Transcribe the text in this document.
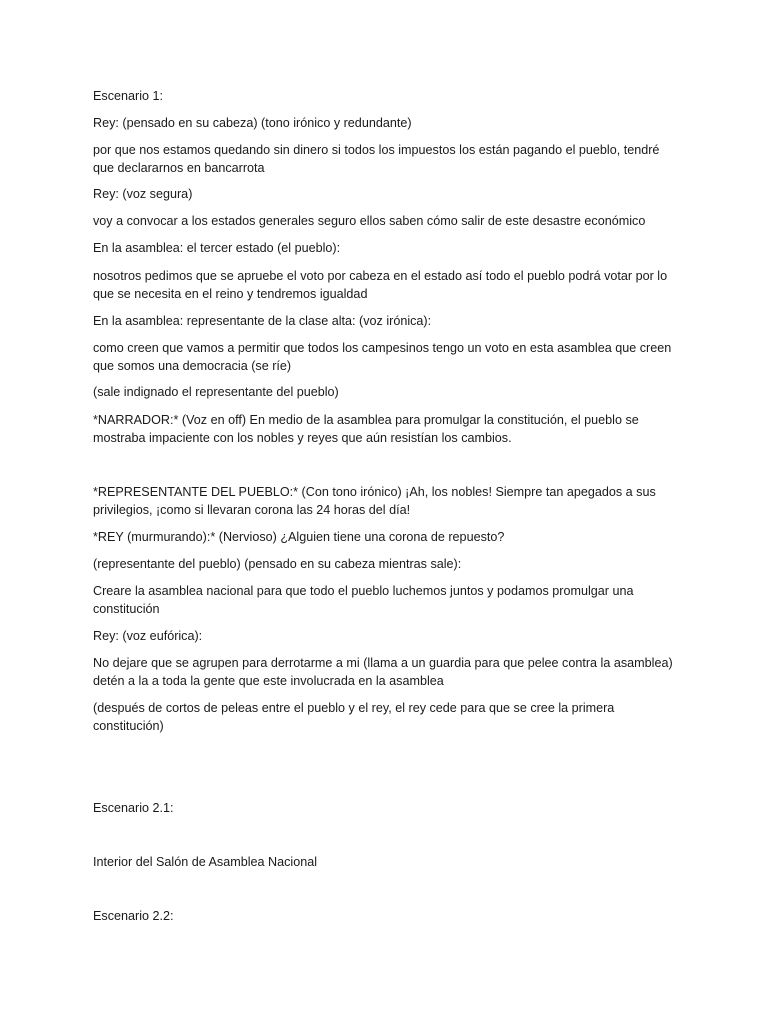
Escenario 1:

Rey: (pensado en su cabeza) (tono irónico y redundante)

por que nos estamos quedando sin dinero si todos los impuestos los están pagando el pueblo, tendré que declararnos en bancarrota

Rey: (voz segura)

voy a convocar a los estados generales seguro ellos saben cómo salir de este desastre económico

En la asamblea: el tercer estado (el pueblo):

nosotros pedimos que se apruebe el voto por cabeza en el estado así todo el pueblo podrá votar por lo que se necesita en el reino y tendremos igualdad

En la asamblea: representante de la clase alta: (voz irónica):

como creen que vamos a permitir que todos los campesinos tengo un voto en esta asamblea que creen que somos una democracia (se ríe)

(sale indignado el representante del pueblo)

*NARRADOR:* (Voz en off) En medio de la asamblea para promulgar la constitución, el pueblo se mostraba impaciente con los nobles y reyes que aún resistían los cambios.

*REPRESENTANTE DEL PUEBLO:* (Con tono irónico) ¡Ah, los nobles! Siempre tan apegados a sus privilegios, ¡como si llevaran corona las 24 horas del día!

*REY (murmurando):* (Nervioso) ¿Alguien tiene una corona de repuesto?

(representante del pueblo) (pensado en su cabeza mientras sale):

Creare la asamblea nacional para que todo el pueblo luchemos juntos y podamos promulgar una constitución

Rey: (voz eufórica):

No dejare que se agrupen para derrotarme a mi (llama a un guardia para que pelee contra la asamblea) detén a la a toda la gente que este involucrada en la asamblea

(después de cortos de peleas entre el pueblo y el rey, el rey cede para que se cree la primera constitución)

Escenario 2.1:

Interior del Salón de Asamblea Nacional

Escenario 2.2:
